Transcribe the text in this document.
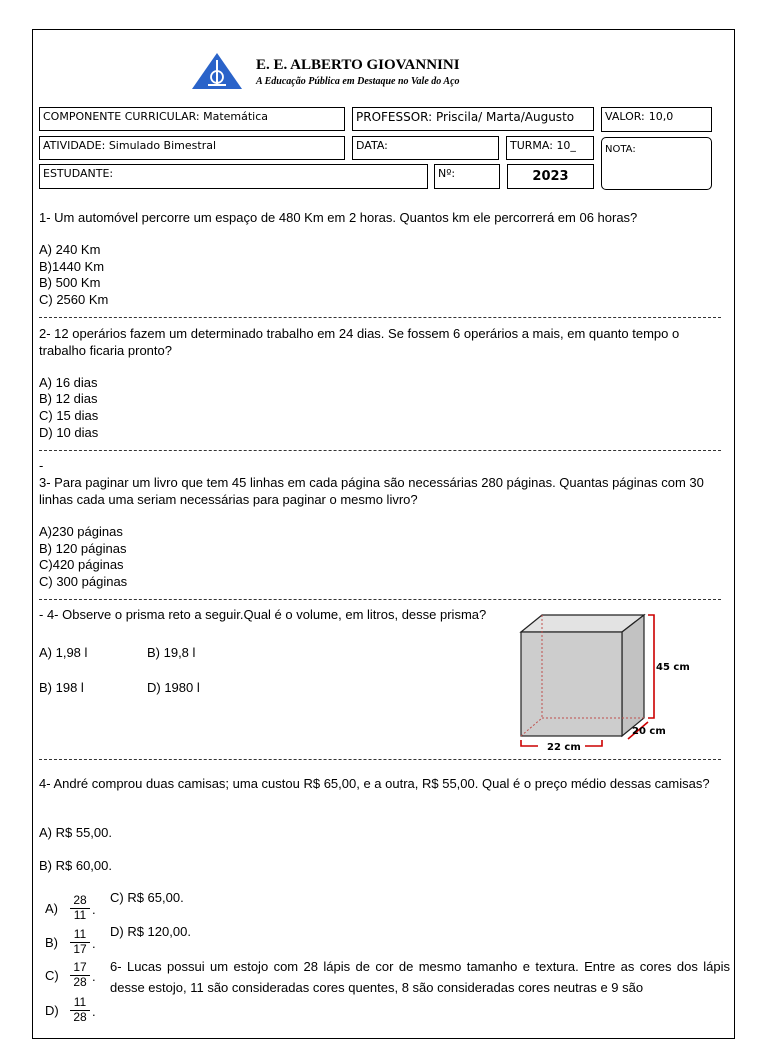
E. E. ALBERTO GIOVANNINI
A Educação Pública em Destaque no Vale do Aço
COMPONENTE CURRICULAR: Matemática	PROFESSOR: Priscila/ Marta/Augusto	VALOR: 10,0
ATIVIDADE: Simulado Bimestral	DATA:	TURMA: 10_	NOTA:
ESTUDANTE:	Nº:	2023
1- Um automóvel percorre um espaço de 480 Km em 2 horas. Quantos km ele percorrerá em 06 horas?
A) 240 Km
B)1440 Km
B) 500 Km
C) 2560 Km
2- 12 operários fazem um determinado trabalho em 24 dias. Se fossem 6 operários a mais, em quanto tempo o trabalho ficaria pronto?
A) 16 dias
B) 12 dias
C) 15 dias
D) 10 dias
-
3- Para paginar um livro que tem 45 linhas em cada página são necessárias 280 páginas. Quantas páginas com 30 linhas cada uma seriam necessárias para paginar o mesmo livro?
A)230 páginas
B) 120 páginas
C)420 páginas
C) 300 páginas
- 4- Observe o prisma reto a seguir.Qual é o volume, em litros, desse prisma?
A) 1,98 l	B) 19,8 l
B) 198 l	D) 1980 l
45 cm
20 cm
22 cm
4- André comprou duas camisas; uma custou R$ 65,00, e a outra, R$ 55,00. Qual é o preço médio dessas camisas?
A) R$ 55,00.
B) R$ 60,00.
C) R$ 65,00.
D) R$ 120,00.
$A) \frac{28}{11}$ .
$B) \frac{11}{17}$ .
$C) \frac{17}{28}$ .
$D) \frac{11}{28}$ .
6- Lucas possui um estojo com 28 lápis de cor de mesmo tamanho e textura. Entre as cores dos lápis desse estojo, 11 são consideradas cores quentes, 8 são consideradas cores neutras e 9 são
